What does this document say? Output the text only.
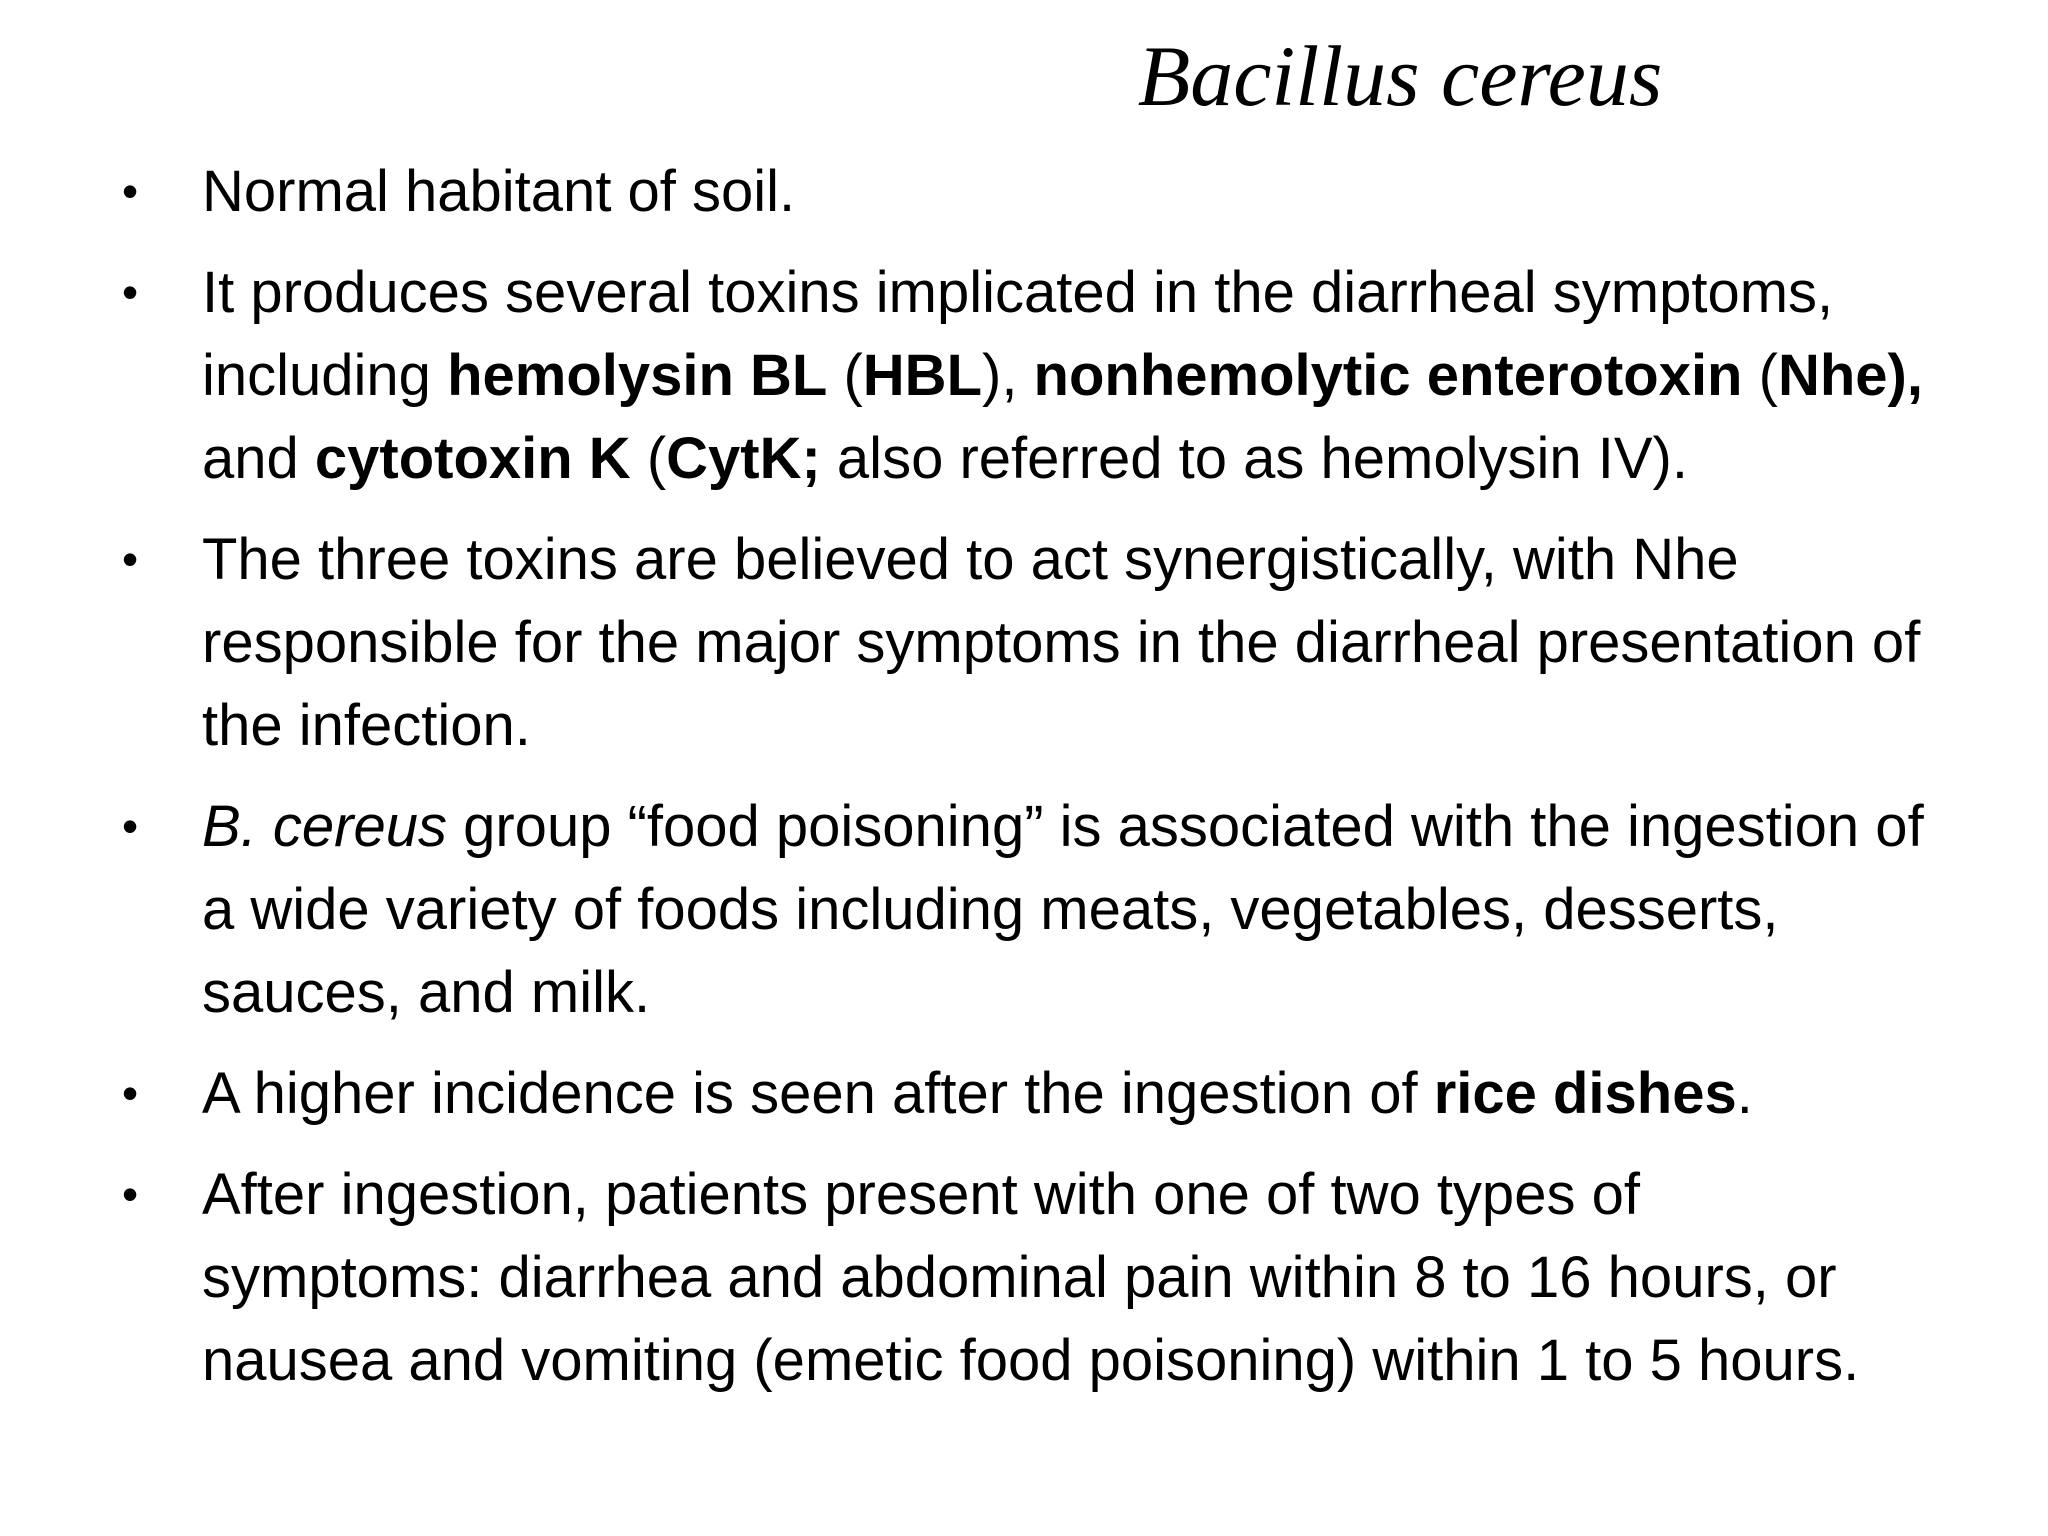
Bacillus cereus
• Normal habitant of soil.
• It produces several toxins implicated in the diarrheal symptoms, including hemolysin BL (HBL), nonhemolytic enterotoxin (Nhe), and cytotoxin K (CytK; also referred to as hemolysin IV).
• The three toxins are believed to act synergistically, with Nhe responsible for the major symptoms in the diarrheal presentation of the infection.
• B. cereus group “food poisoning” is associated with the ingestion of a wide variety of foods including meats, vegetables, desserts, sauces, and milk.
• A higher incidence is seen after the ingestion of rice dishes.
• After ingestion, patients present with one of two types of symptoms: diarrhea and abdominal pain within 8 to 16 hours, or nausea and vomiting (emetic food poisoning) within 1 to 5 hours.
